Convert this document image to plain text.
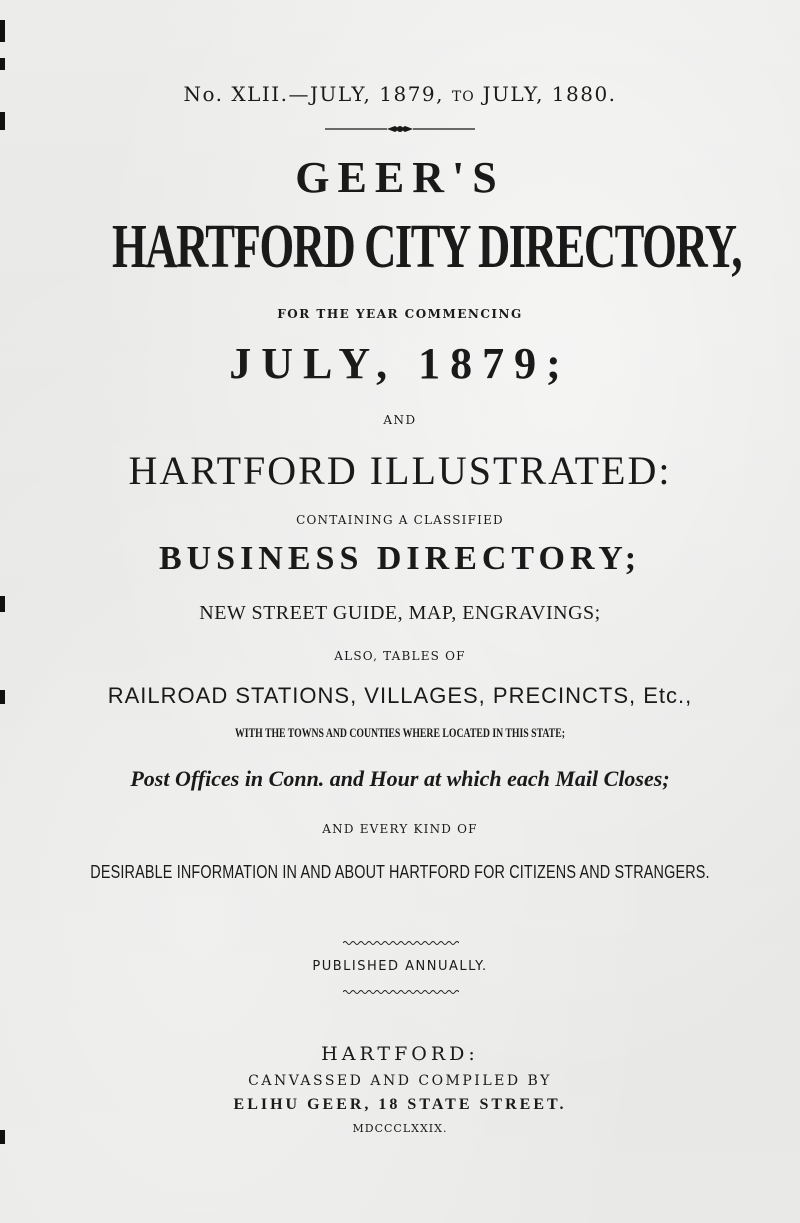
No. XLII.—JULY, 1879, TO JULY, 1880.
GEER'S
HARTFORD CITY DIRECTORY,
FOR THE YEAR COMMENCING
JULY, 1879;
AND
HARTFORD ILLUSTRATED:
CONTAINING A CLASSIFIED
BUSINESS DIRECTORY;
NEW STREET GUIDE, MAP, ENGRAVINGS;
ALSO, TABLES OF
RAILROAD STATIONS, VILLAGES, PRECINCTS, Etc.,
WITH THE TOWNS AND COUNTIES WHERE LOCATED IN THIS STATE;
Post Offices in Conn. and Hour at which each Mail Closes;
AND EVERY KIND OF
DESIRABLE INFORMATION IN AND ABOUT HARTFORD FOR CITIZENS AND STRANGERS.
PUBLISHED ANNUALLY.
HARTFORD:
CANVASSED AND COMPILED BY
ELIHU GEER, 18 STATE STREET.
MDCCCLXXIX.
